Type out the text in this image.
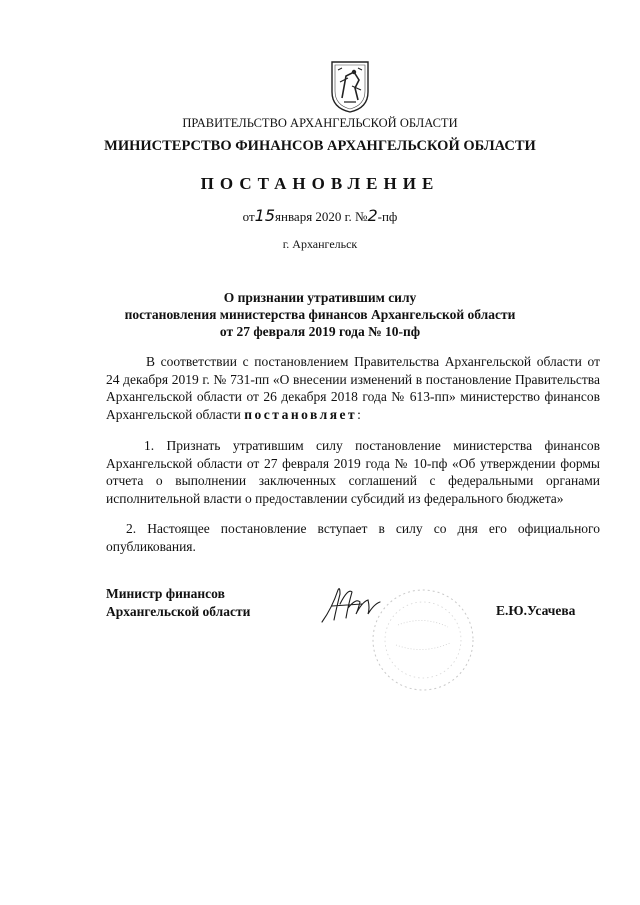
ПРАВИТЕЛЬСТВО АРХАНГЕЛЬСКОЙ ОБЛАСТИ
МИНИСТЕРСТВО ФИНАНСОВ АРХАНГЕЛЬСКОЙ ОБЛАСТИ
ПОСТАНОВЛЕНИЕ
от15января 2020 г. №2-пф
г. Архангельск
О признании утратившим силу
постановления министерства финансов Архангельской области
от 27 февраля 2019 года № 10-пф
В соответствии с постановлением Правительства Архангельской области от 24 декабря 2019 г. № 731-пп «О внесении изменений в постановление Правительства Архангельской области от 26 декабря 2018 года № 613-пп» министерство финансов Архангельской области постановляет:
1. Признать утратившим силу постановление министерства финансов Архангельской области от 27 февраля 2019 года № 10-пф «Об утверждении формы отчета о выполнении заключенных соглашений с федеральными органами исполнительной власти о предоставлении субсидий из федерального бюджета»
2. Настоящее постановление вступает в силу со дня его официального опубликования.
Министр финансов
Архангельской области	Е.Ю.Усачева
